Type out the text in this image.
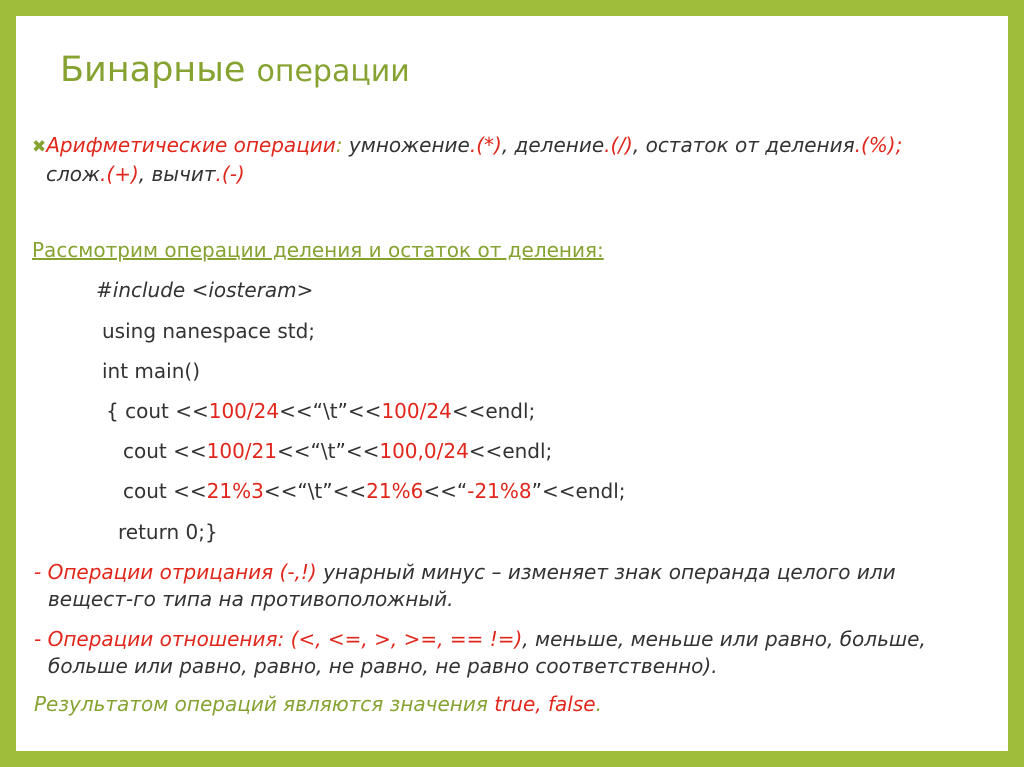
Бинарные операции
✖Арифметические операции: умножение.(*), деление.(/), остаток от деления.(%);
слож.(+), вычит.(-)
Рассмотрим операции деления и остаток от деления:
#include <iosteram>
using nanespace std;
int main()
{ cout <<100/24<<“\t”<<100/24<<endl;
cout <<100/21<<“\t”<<100,0/24<<endl;
cout <<21%3<<“\t”<<21%6<<“-21%8”<<endl;
return 0;}
- Операции отрицания (-,!) унарный минус – изменяет знак операнда целого или
вещест-го типа на противоположный.
- Операции отношения: (<, <=, >, >=, == !=), меньше, меньше или равно, больше,
больше или равно, равно, не равно, не равно соответственно).
Результатом операций являются значения true, false.
